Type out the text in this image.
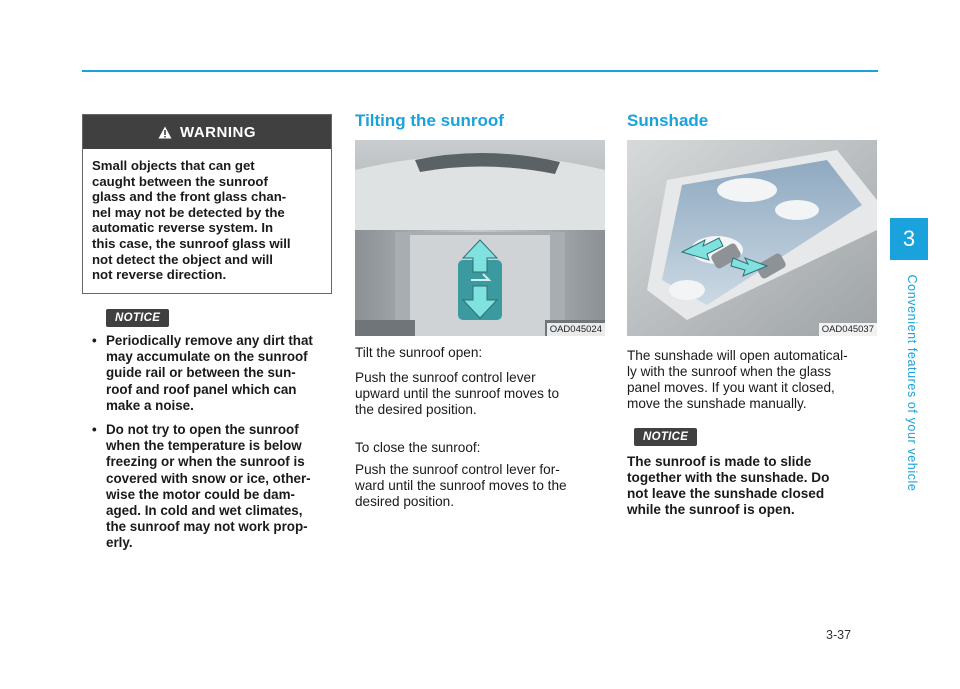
3
Convenient features of your vehicle
WARNING
Small objects that can get
caught between the sunroof
glass and the front glass chan-
nel may not be detected by the
automatic reverse system. In
this case, the sunroof glass will
not detect the object and will
not reverse direction.
NOTICE
• Periodically remove any dirt that
may accumulate on the sunroof
guide rail or between the sun-
roof and roof panel which can
make a noise.
• Do not try to open the sunroof
when the temperature is below
freezing or when the sunroof is
covered with snow or ice, other-
wise the motor could be dam-
aged. In cold and wet climates,
the sunroof may not work prop-
erly.
Tilting the sunroof
OAD045024

Tilt the sunroof open:

Push the sunroof control lever
upward until the sunroof moves to
the desired position.

To close the sunroof:

Push the sunroof control lever for-
ward until the sunroof moves to the
desired position.

Sunshade
OAD045037

The sunshade will open automatical-
ly with the sunroof when the glass
panel moves. If you want it closed,
move the sunshade manually.

NOTICE

The sunroof is made to slide
together with the sunshade. Do
not leave the sunshade closed
while the sunroof is open.

3-37
